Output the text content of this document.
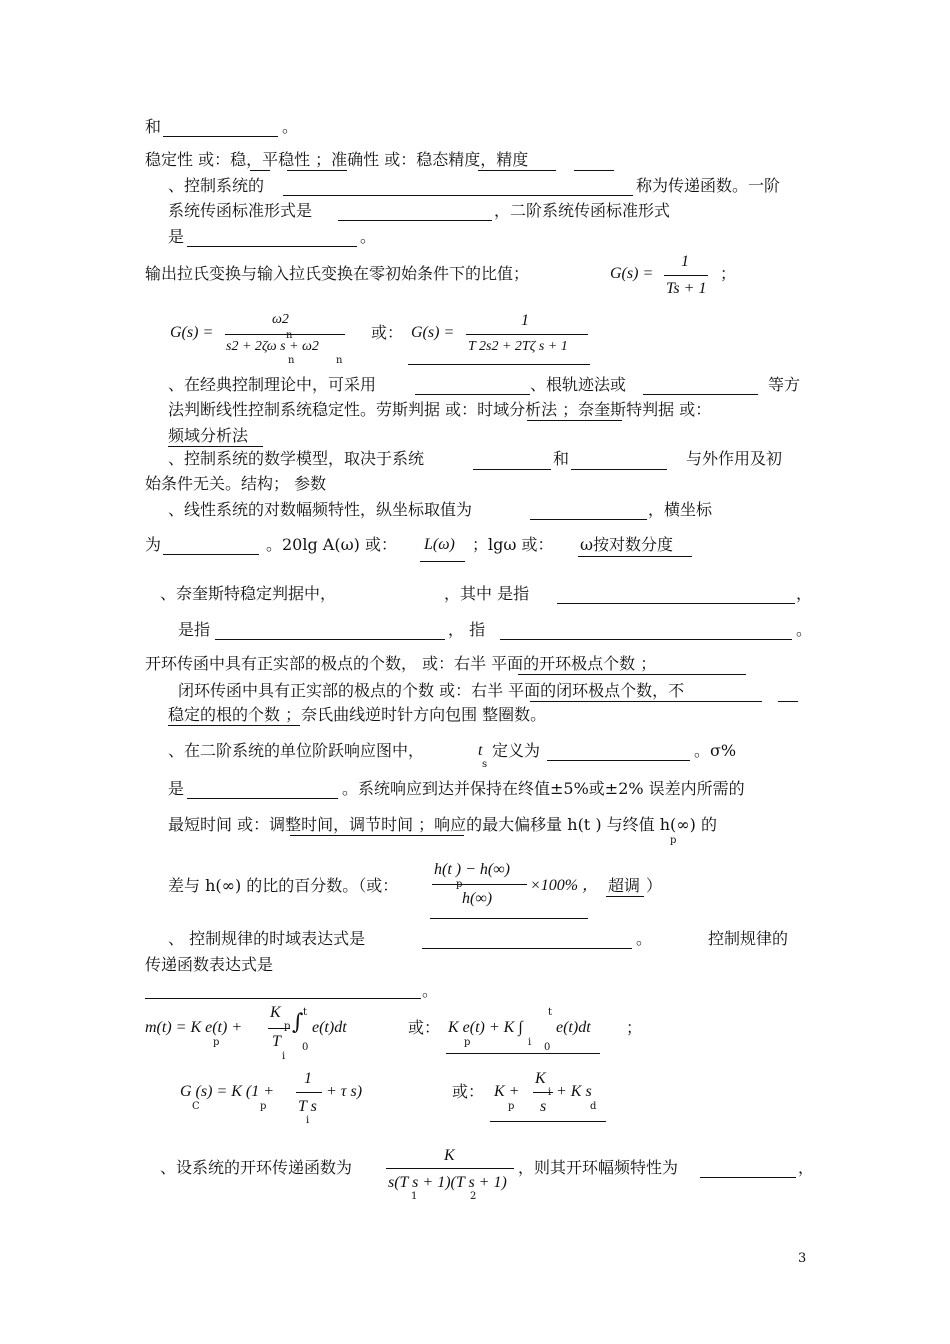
和	。
稳定性 或：稳，平稳性 ；准确性 或：稳态精度，精度
、控制系统的	称为传递函数。一阶
系统传函标准形式是	，二阶系统传函标准形式
是	。
输出拉氏变换与输入拉氏变换在零初始条件下的比值；	G(s) =
1
Ts + 1
；
G(s) =
ω2
n
s2 + 2ζω s + ω2
n	n
或： G(s) =
1
T 2s2 + 2Tζ s + 1
、在经典控制理论中，可采用	、根轨迹法或	等方
法判断线性控制系统稳定性。劳斯判据 或：时域分析法 ；奈奎斯特判据 或：
频域分析法
、控制系统的数学模型，取决于系统	和	与外作用及初
始条件无关。结构； 参数
、线性系统的对数幅频特性，纵坐标取值为	，横坐标
为	。20lg A(ω) 或： L(ω) ；lgω 或： ω按对数分度
、奈奎斯特稳定判据中，	，其中 是指	，
是指	， 指	。
开环传函中具有正实部的极点的个数， 或：右半 平面的开环极点个数 ；
闭环传函中具有正实部的极点的个数 或：右半 平面的闭环极点个数，不
稳定的根的个数 ；奈氏曲线逆时针方向包围 整圈数。
、在二阶系统的单位阶跃响应图中，	t
s
定义为	。σ%
是	。系统响应到达并保持在终值±5%或±2% 误差内所需的
最短时间 或：调整时间，调节时间 ；响应的最大偏移量 h(t ) 与终值 h(∞) 的
p
差与 h(∞) 的比的百分数。（或：
h(t ) − h(∞)
p
h(∞)
×100% ， 超调 ）
、 控制规律的时域表达式是	。	控制规律的
传递函数表达式是
。
m(t) = K e(t) +
p
K
p
T
i
∫ t
0
e(t)dt	或： K e(t) + K ∫
p	i
t
0
e(t)dt ；
G (s) = K (1 +
C	p
1
T s
i
+ τ s)	或： K +
p
K
i
s
+ K s
d
、设系统的开环传递函数为
K
s(T s + 1)(T s + 1)
1	2
，则其开环幅频特性为	，
3
